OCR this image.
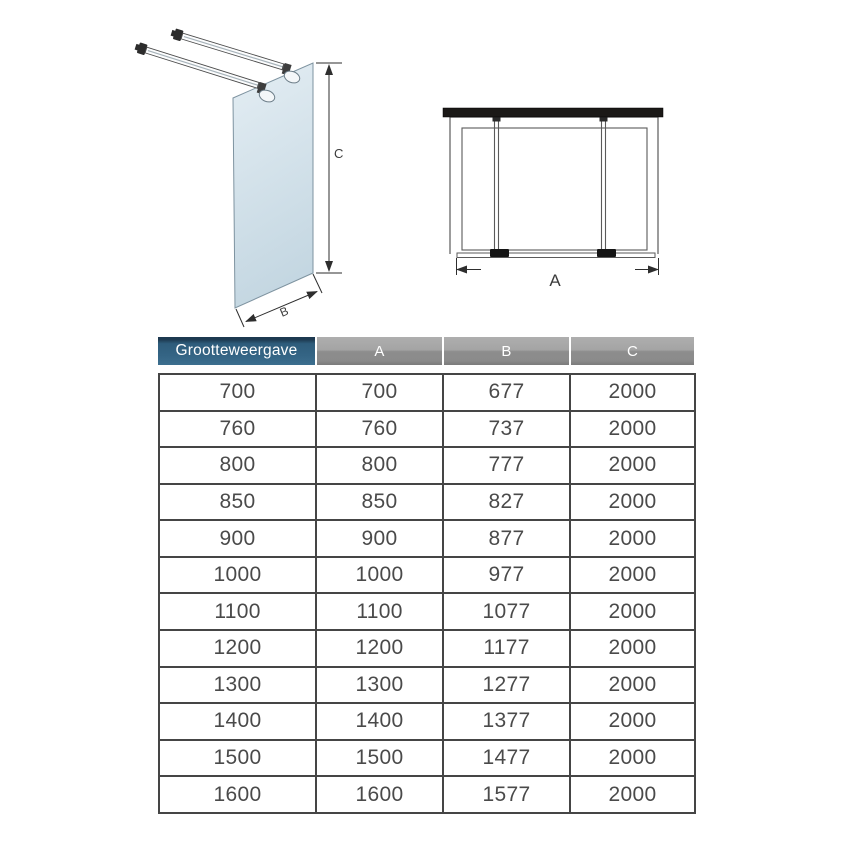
C
B
A
Grootteweergave	A	B	C
700	700	677	2000
760	760	737	2000
800	800	777	2000
850	850	827	2000
900	900	877	2000
1000	1000	977	2000
1100	1100	1077	2000
1200	1200	1177	2000
1300	1300	1277	2000
1400	1400	1377	2000
1500	1500	1477	2000
1600	1600	1577	2000
